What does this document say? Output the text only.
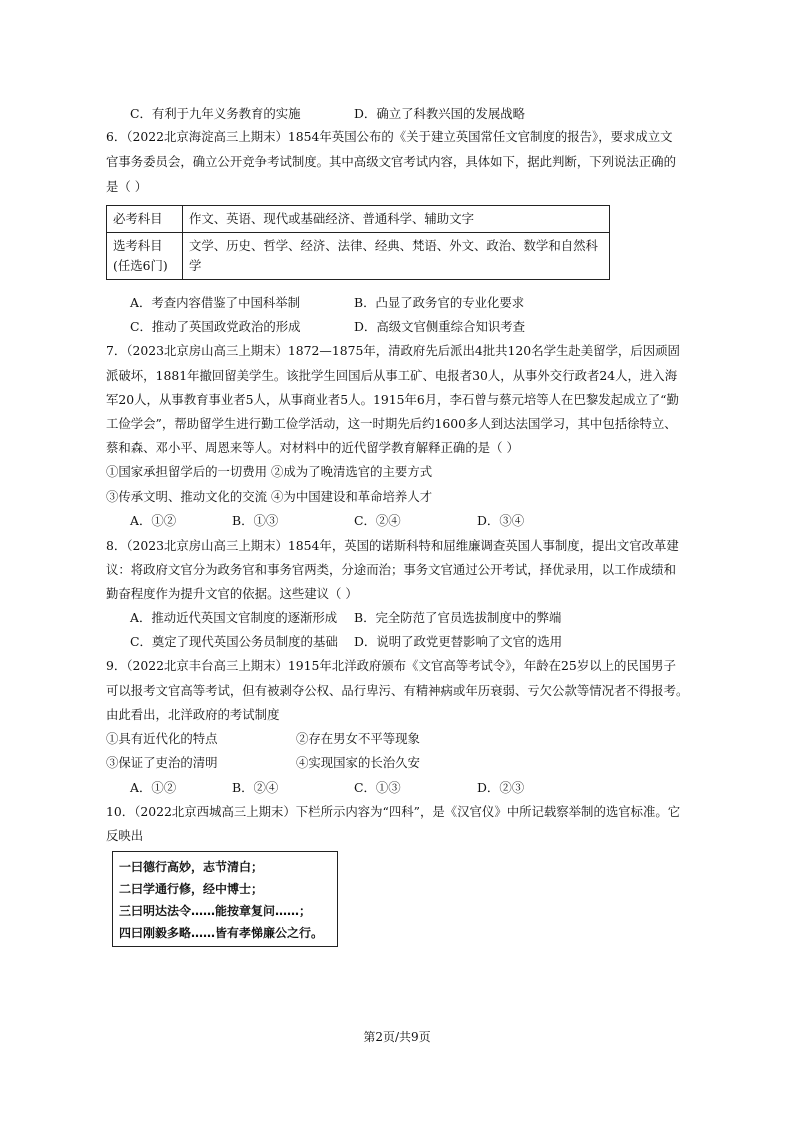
C．有利于九年义务教育的实施	D．确立了科教兴国的发展战略
6．（2022北京海淀高三上期末）1854年英国公布的《关于建立英国常任文官制度的报告》，要求成立文
官事务委员会，确立公开竞争考试制度。其中高级文官考试内容，具体如下，据此判断，下列说法正确的
是（ ）
必考科目	作文、英语、现代或基础经济、普通科学、辅助文字

选考科目
(任选6门)	文学、历史、哲学、经济、法律、经典、梵语、外文、政治、数学和自然科学
A．考查内容借鉴了中国科举制	B．凸显了政务官的专业化要求
C．推动了英国政党政治的形成	D．高级文官侧重综合知识考查
7．（2023北京房山高三上期末）1872—1875年，清政府先后派出4批共120名学生赴美留学，后因顽固
派破坏，1881年撤回留美学生。该批学生回国后从事工矿、电报者30人，从事外交行政者24人，进入海
军20人，从事教育事业者5人，从事商业者5人。1915年6月，李石曾与蔡元培等人在巴黎发起成立了“勤
工俭学会”，帮助留学生进行勤工俭学活动，这一时期先后约1600多人到达法国学习，其中包括徐特立、
蔡和森、邓小平、周恩来等人。对材料中的近代留学教育解释正确的是（ ）
①国家承担留学后的一切费用 ②成为了晚清选官的主要方式
③传承文明、推动文化的交流 ④为中国建设和革命培养人才
A．①②	B．①③	C．②④	D．③④
8．（2023北京房山高三上期末）1854年，英国的诺斯科特和屈维廉调查英国人事制度，提出文官改革建
议：将政府文官分为政务官和事务官两类，分途而治；事务文官通过公开考试，择优录用，以工作成绩和
勤奋程度作为提升文官的依据。这些建议（ ）
A．推动近代英国文官制度的逐渐形成 B．完全防范了官员选拔制度中的弊端
C．奠定了现代英国公务员制度的基础 D．说明了政党更替影响了文官的选用
9．（2022北京丰台高三上期末）1915年北洋政府颁布《文官高等考试令》，年龄在25岁以上的民国男子
可以报考文官高等考试，但有被剥夺公权、品行卑污、有精神病或年历衰弱、亏欠公款等情况者不得报考。
由此看出，北洋政府的考试制度
①具有近代化的特点	②存在男女不平等现象
③保证了吏治的清明	④实现国家的长治久安
A．①②	B．②④	C．①③	D．②③
10．（2022北京西城高三上期末）下栏所示内容为“四科”，是《汉官仪》中所记载察举制的选官标准。它
反映出
一曰德行高妙，志节清白；
二曰学通行修，经中博士；
三曰明达法令……能按章复问……；
四曰刚毅多略……皆有孝悌廉公之行。
第2页/共9页
